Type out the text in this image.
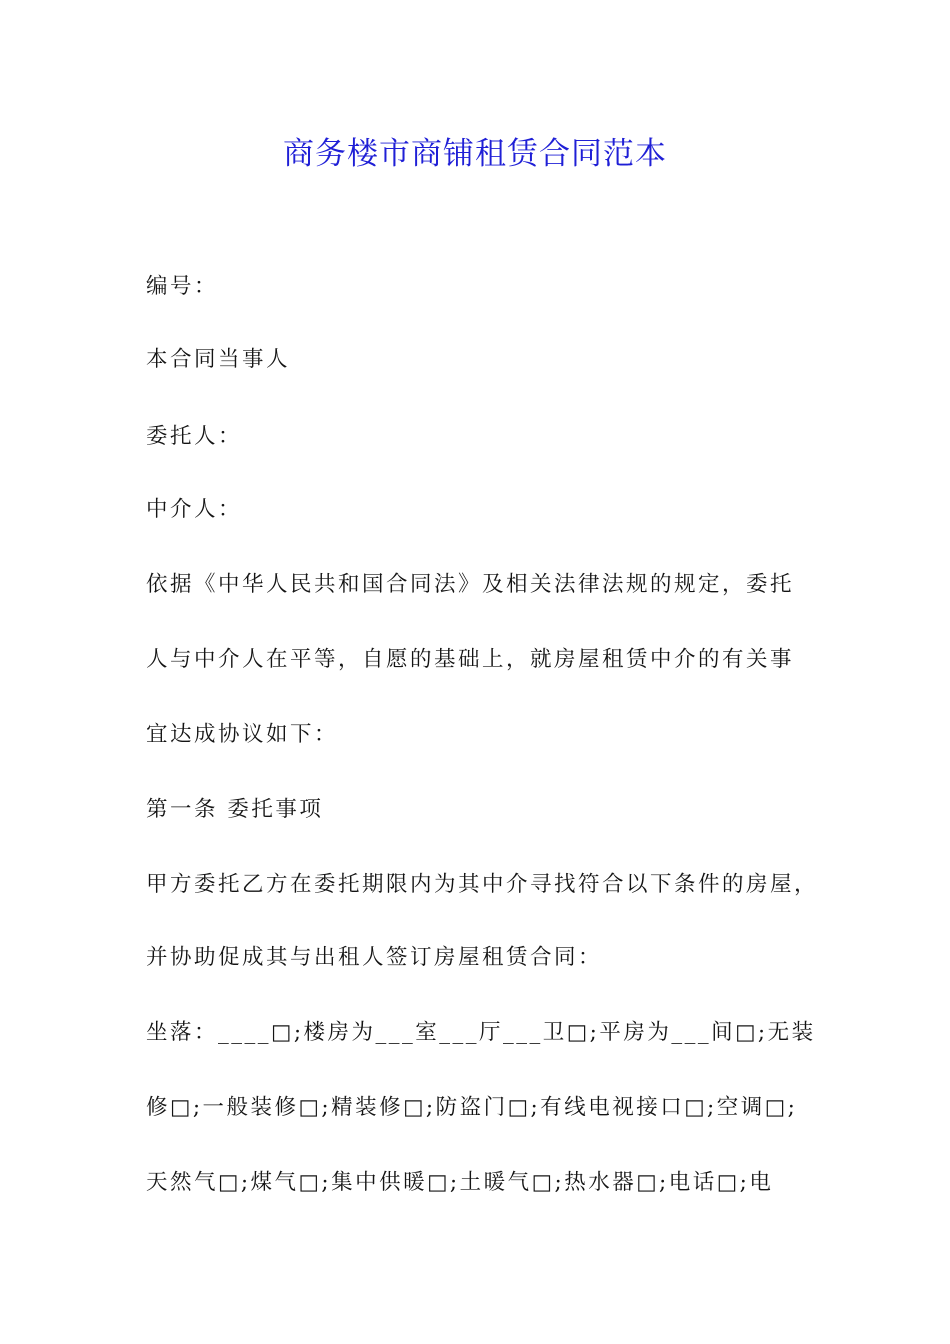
商务楼市商铺租赁合同范本
编号：
本合同当事人
委托人：
中介人：
依据《中华人民共和国合同法》及相关法律法规的规定，委托
人与中介人在平等，自愿的基础上，就房屋租赁中介的有关事
宜达成协议如下：
第一条 委托事项
甲方委托乙方在委托期限内为其中介寻找符合以下条件的房屋，
并协助促成其与出租人签订房屋租赁合同：
坐落：____□;楼房为___室___厅___卫□;平房为___间□;无装
修□;一般装修□;精装修□;防盗门□;有线电视接口□;空调□;
天然气□;煤气□;集中供暖□;土暖气□;热水器□;电话□;电
